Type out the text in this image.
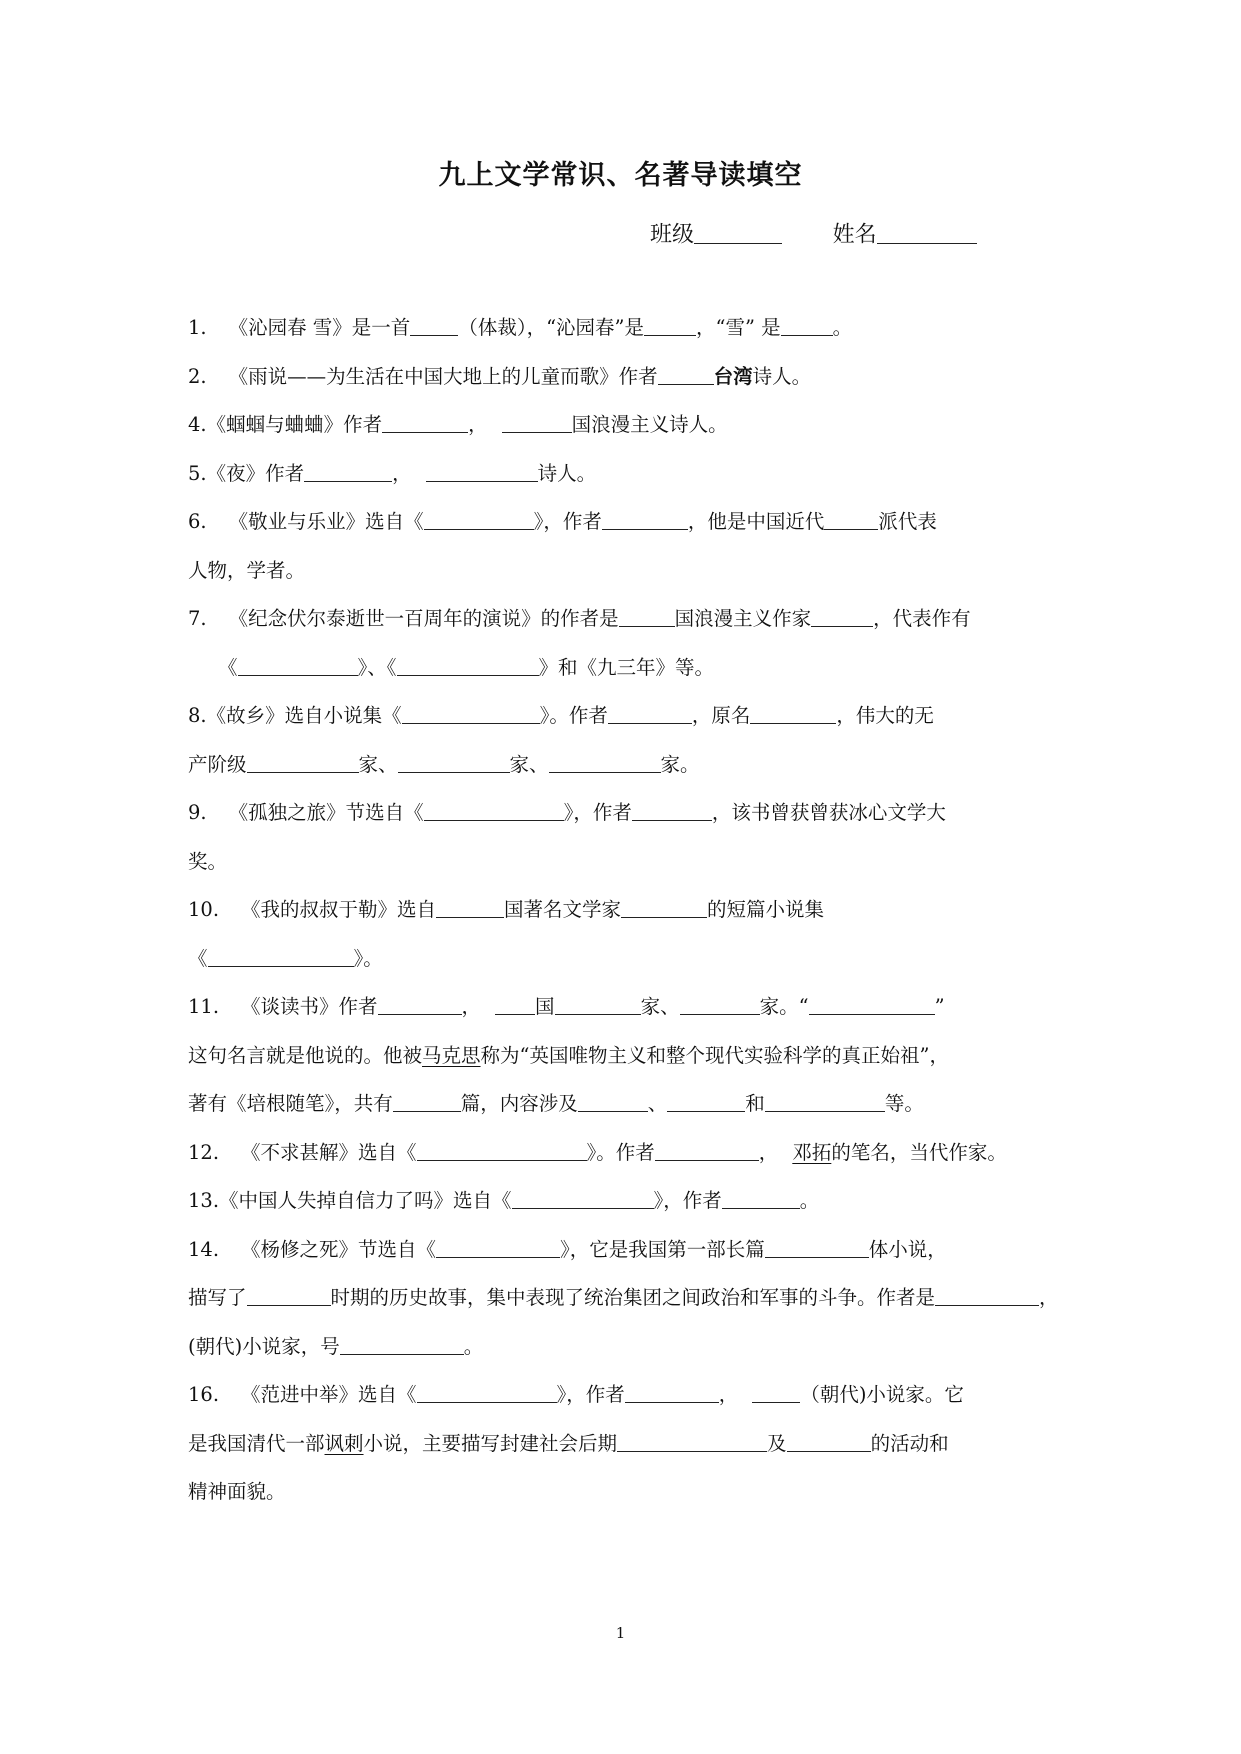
九上文学常识、名著导读填空
班级	姓名
1. 《沁园春 雪》是一首 （体裁），“沁园春”是	，“雪” 是	。
2. 《雨说——为生活在中国大地上的儿童而歌》作者	台湾诗人。
4.《蝈蝈与蛐蛐》作者	，	国浪漫主义诗人。
5.《夜》作者	，	诗人。
6. 《敬业与乐业》选自《	》，作者	，他是中国近代	派代表
人物，学者。
7. 《纪念伏尔泰逝世一百周年的演说》的作者是	国浪漫主义作家	，代表作有
《	》、《	》和《九三年》等。
8.《故乡》选自小说集《	》。作者	，原名	，伟大的无
产阶级	家、	家、	家。
9. 《孤独之旅》节选自《	》，作者	，该书曾获曾获冰心文学大
奖。
10. 《我的叔叔于勒》选自	国著名文学家	的短篇小说集
《	》。
11. 《谈读书》作者	，	国	家、	家。“	”
这句名言就是他说的。他被马克思称为“英国唯物主义和整个现代实验科学的真正始祖”，
著有《培根随笔》，共有	篇，内容涉及	、	和	等。
12. 《不求甚解》选自《	》。作者	， 邓拓的笔名，当代作家。
13.《中国人失掉自信力了吗》选自《	》，作者	。
14. 《杨修之死》节选自《	》，它是我国第一部长篇	体小说，
描写了	时期的历史故事，集中表现了统治集团之间政治和军事的斗争。作者是	，
(朝代)小说家，号	。
16. 《范进中举》选自《	》，作者	，	（朝代)小说家。它
是我国清代一部讽刺小说，主要描写封建社会后期	及	的活动和
精神面貌。
1
